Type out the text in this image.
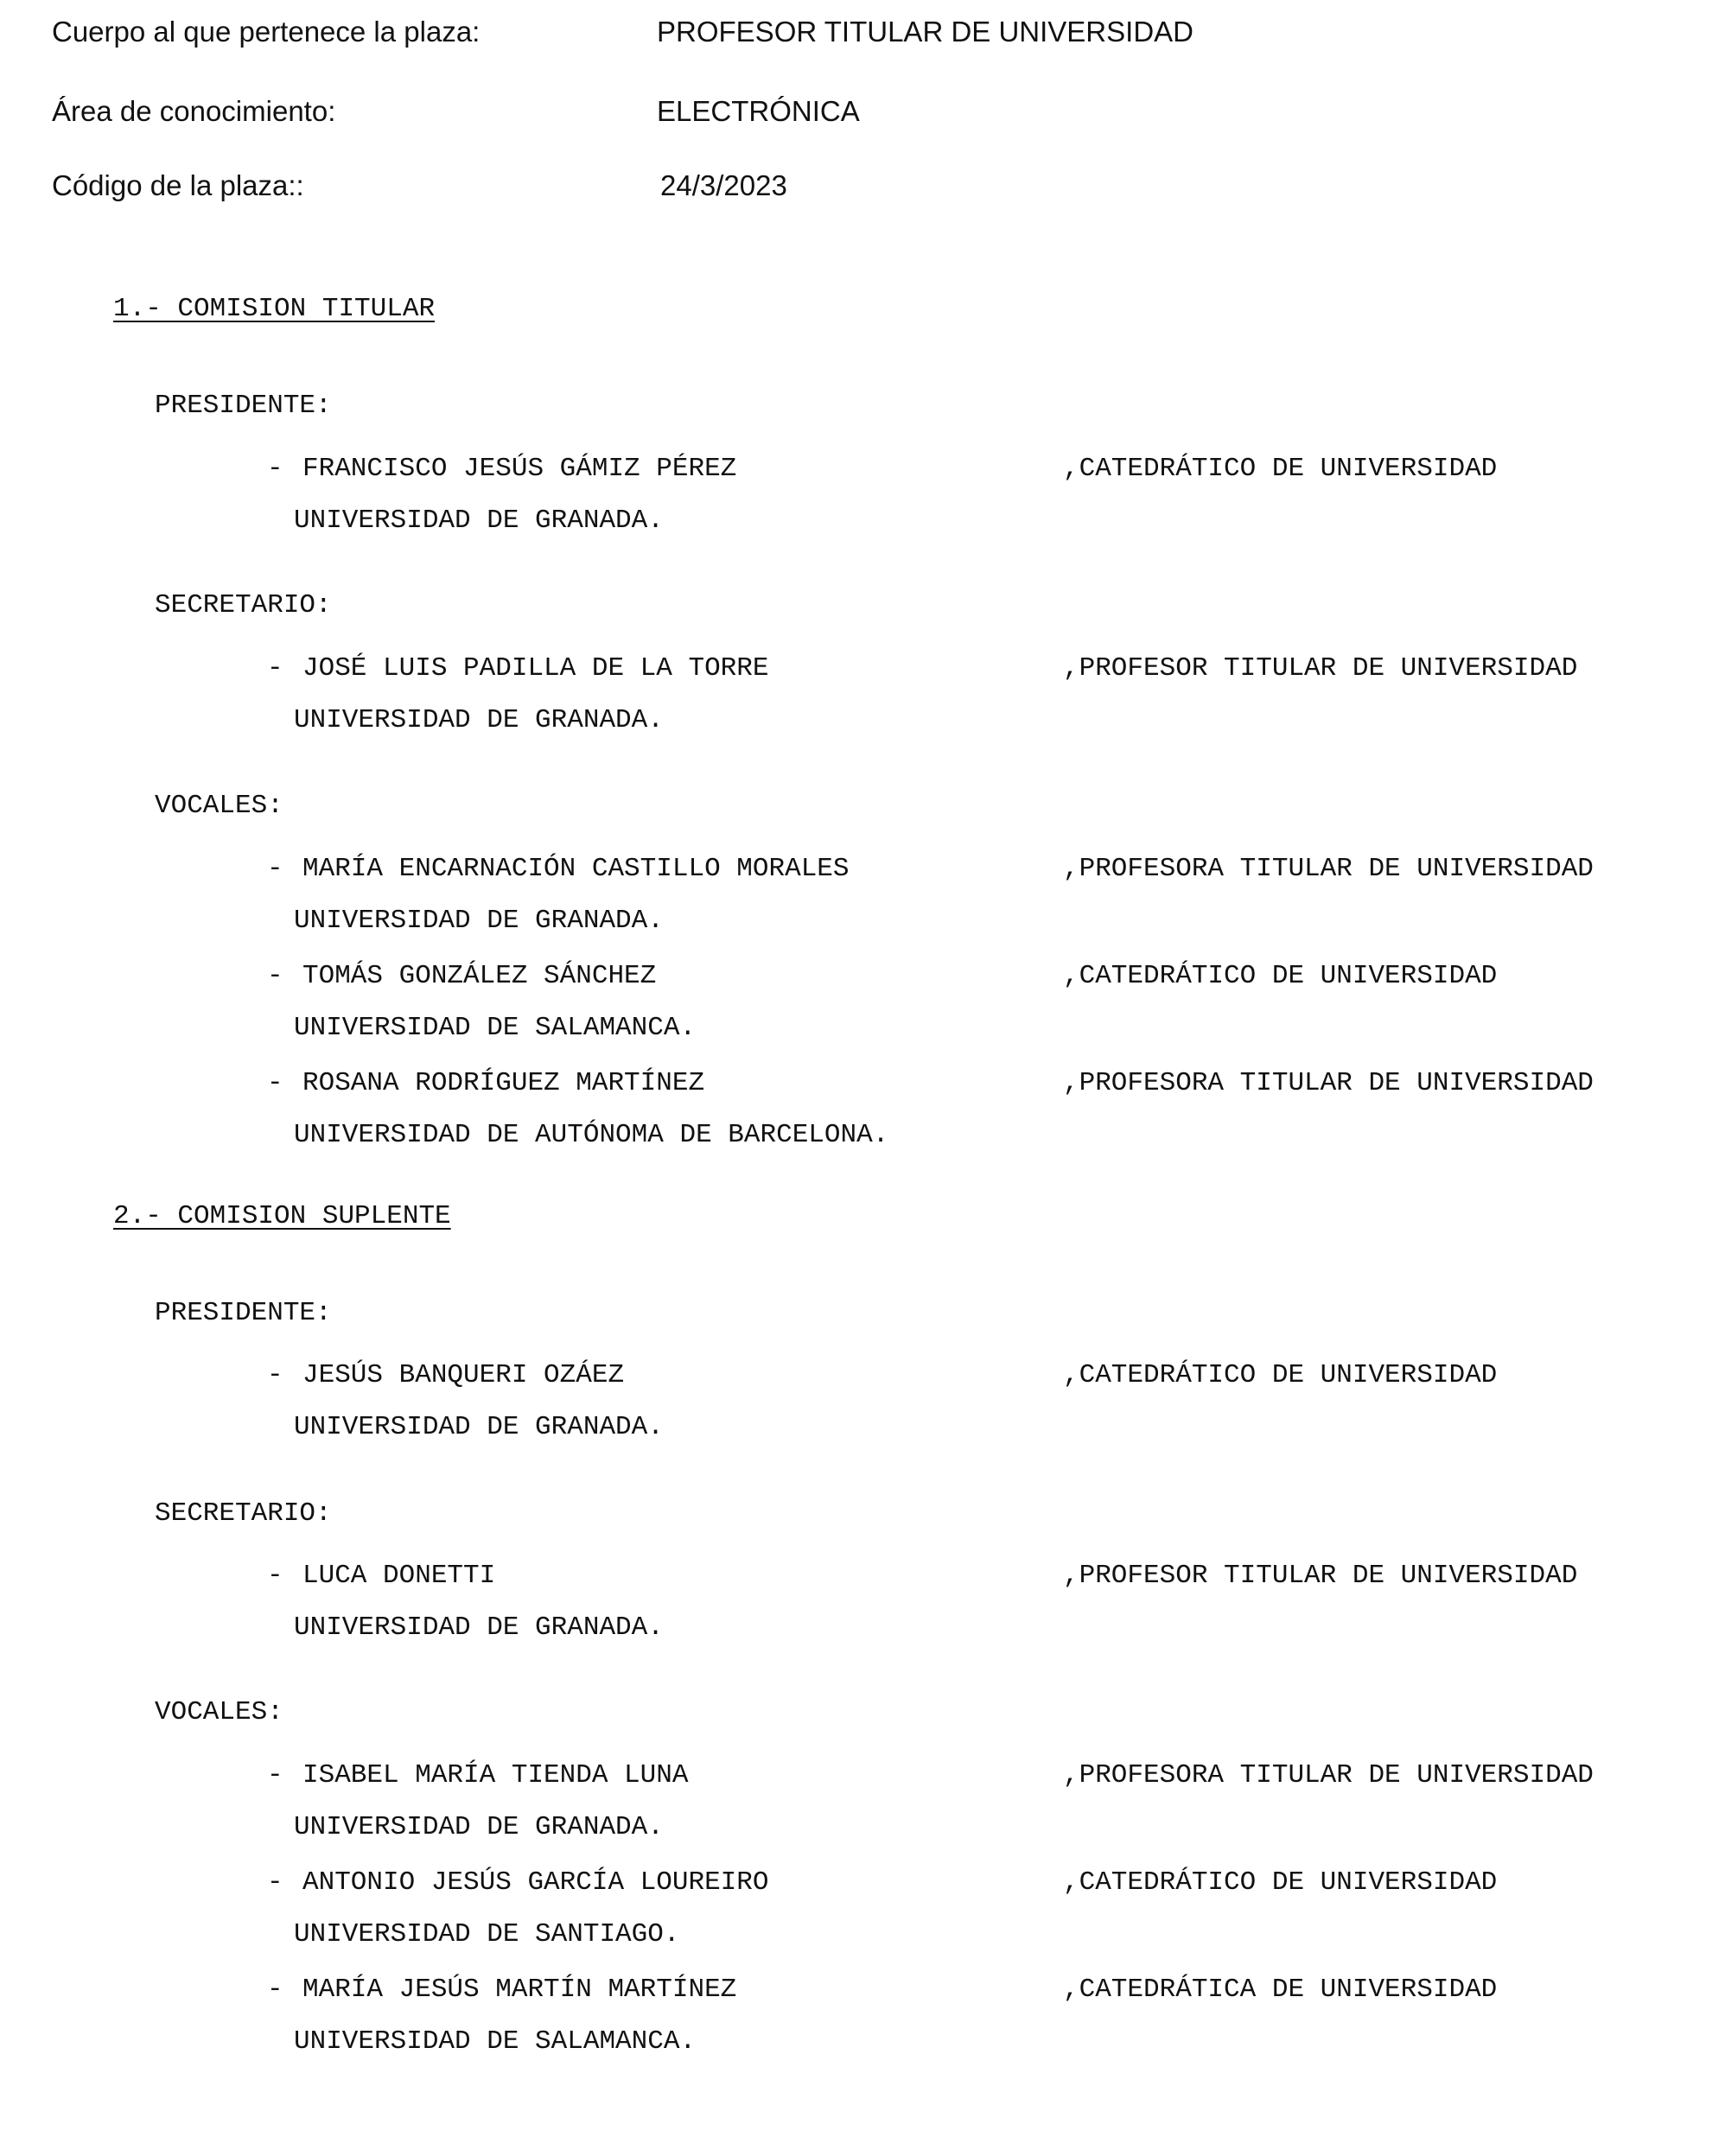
Cuerpo al que pertenece la plaza:	PROFESOR TITULAR DE UNIVERSIDAD
Área de conocimiento:	ELECTRÓNICA
Código de la plaza::	24/3/2023
1.- COMISION TITULAR
PRESIDENTE:

-

FRANCISCO JESÚS GÁMIZ PÉREZ

	,CATEDRÁTICO DE UNIVERSIDAD

UNIVERSIDAD DE GRANADA.

SECRETARIO:

-

JOSÉ LUIS PADILLA DE LA TORRE

	,PROFESOR TITULAR DE UNIVERSIDAD

UNIVERSIDAD DE GRANADA.

VOCALES:

-

MARÍA ENCARNACIÓN CASTILLO MORALES

	,PROFESORA TITULAR DE UNIVERSIDAD

UNIVERSIDAD DE GRANADA.

-

TOMÁS GONZÁLEZ SÁNCHEZ

	,CATEDRÁTICO DE UNIVERSIDAD

UNIVERSIDAD DE SALAMANCA.

-

ROSANA RODRÍGUEZ MARTÍNEZ

	,PROFESORA TITULAR DE UNIVERSIDAD

UNIVERSIDAD DE AUTÓNOMA DE BARCELONA.

2.- COMISION SUPLENTE
PRESIDENTE:

-

JESÚS BANQUERI OZÁEZ

	,CATEDRÁTICO DE UNIVERSIDAD

UNIVERSIDAD DE GRANADA.

SECRETARIO:

-

LUCA DONETTI

	,PROFESOR TITULAR DE UNIVERSIDAD

UNIVERSIDAD DE GRANADA.

VOCALES:

-

ISABEL MARÍA TIENDA LUNA

	,PROFESORA TITULAR DE UNIVERSIDAD

UNIVERSIDAD DE GRANADA.

-

ANTONIO JESÚS GARCÍA LOUREIRO

	,CATEDRÁTICO DE UNIVERSIDAD

UNIVERSIDAD DE SANTIAGO.

-

MARÍA JESÚS MARTÍN MARTÍNEZ

	,CATEDRÁTICA DE UNIVERSIDAD

UNIVERSIDAD DE SALAMANCA.
